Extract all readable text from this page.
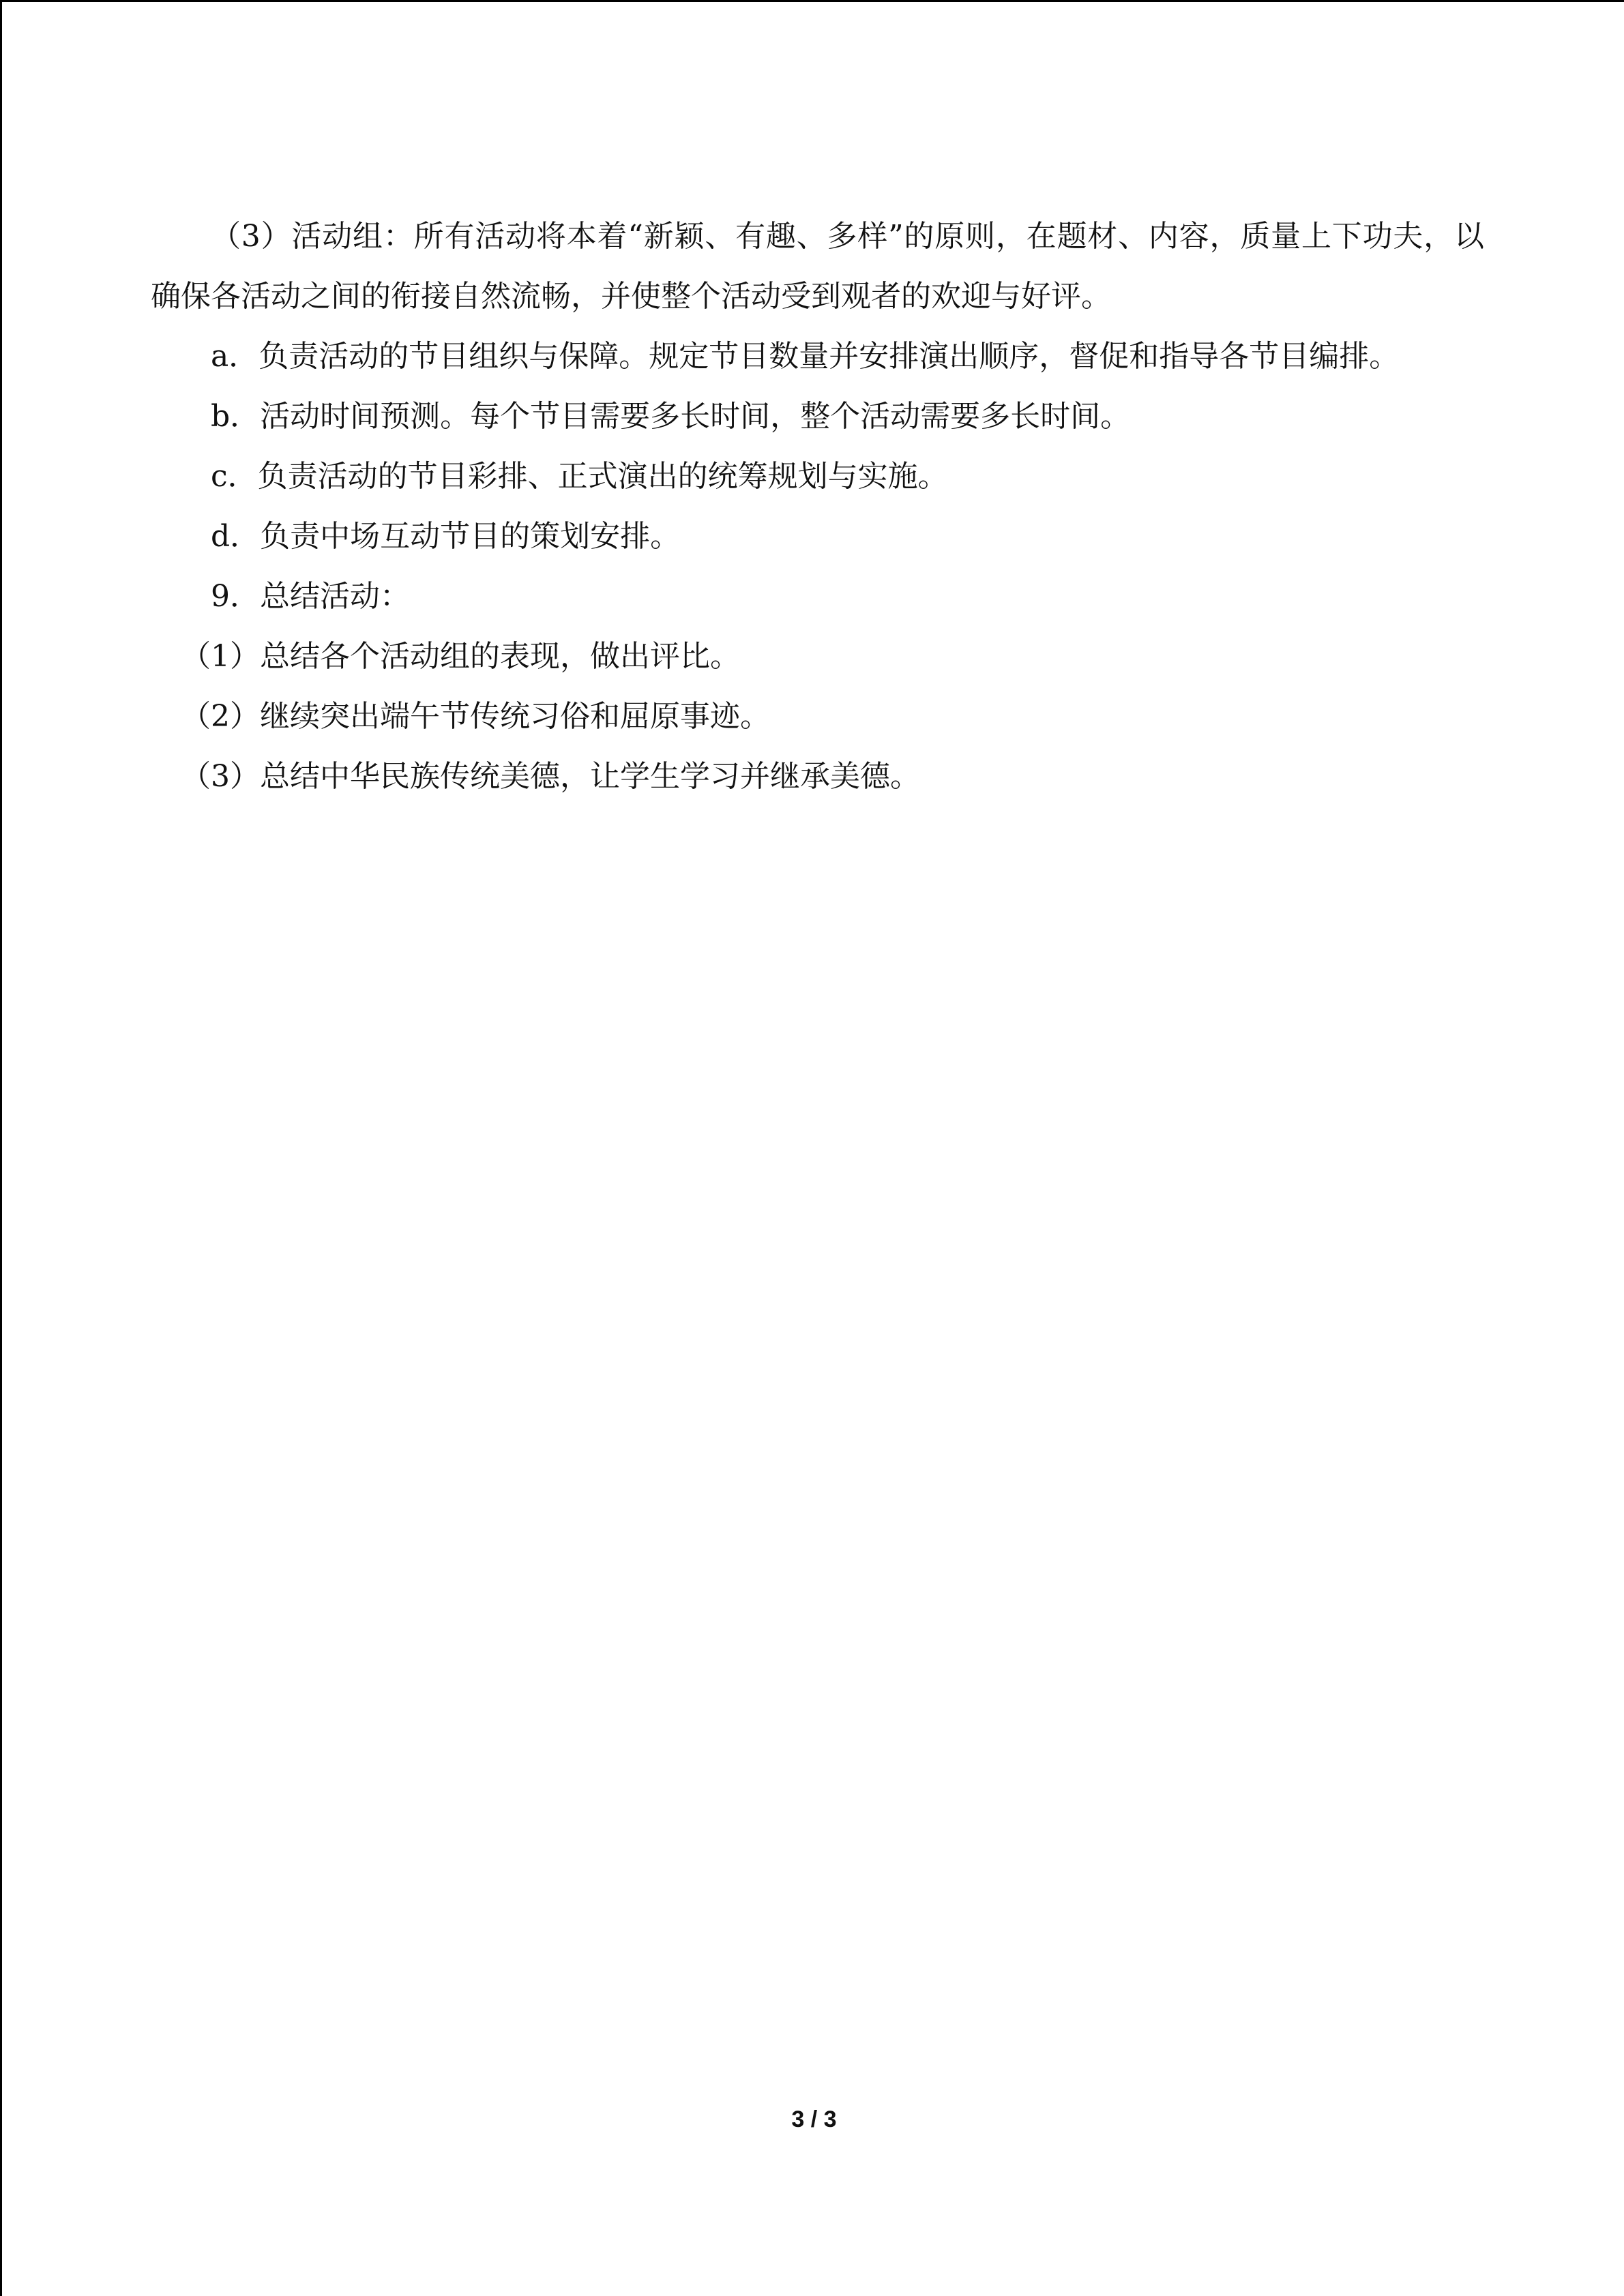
（3）活动组：所有活动将本着“新颖、有趣、多样”的原则，在题材、内容，质量上下功夫，以确保各活动之间的衔接自然流畅，并使整个活动受到观者的欢迎与好评。

a．负责活动的节目组织与保障。规定节目数量并安排演出顺序，督促和指导各节目编排。

b．活动时间预测。每个节目需要多长时间，整个活动需要多长时间。

c．负责活动的节目彩排、正式演出的统筹规划与实施。

d．负责中场互动节目的策划安排。

9．总结活动：

（1）总结各个活动组的表现，做出评比。

（2）继续突出端午节传统习俗和屈原事迹。

（3）总结中华民族传统美德，让学生学习并继承美德。

3 / 3
